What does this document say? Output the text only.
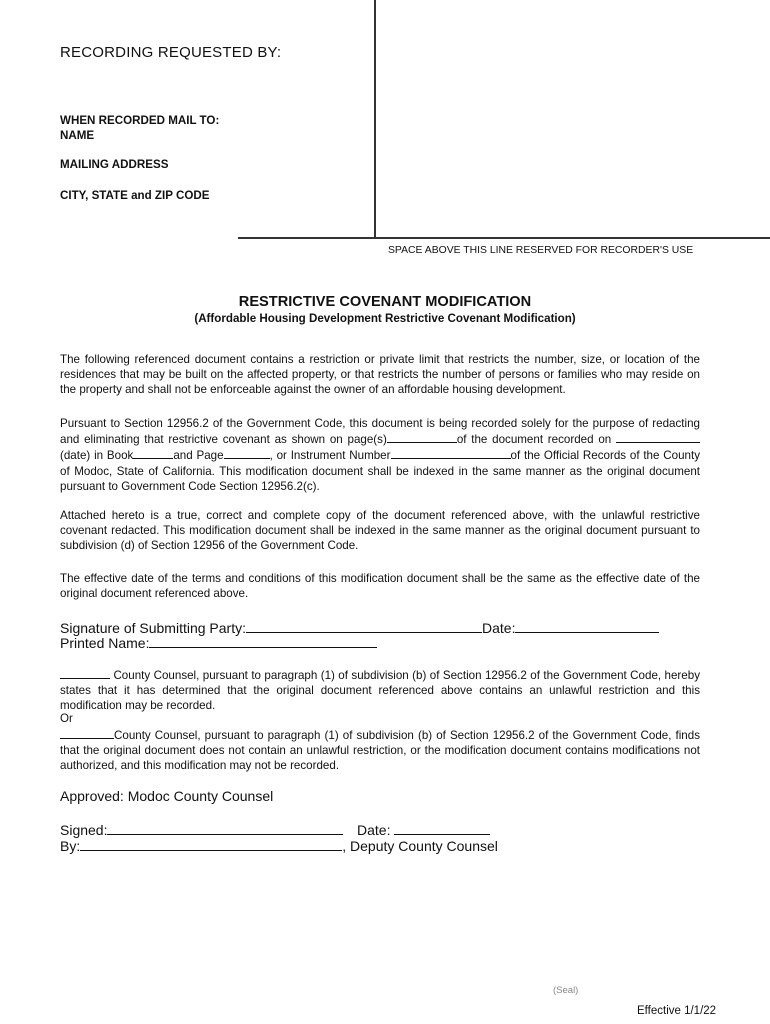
RECORDING REQUESTED BY:
WHEN RECORDED MAIL TO:
NAME
MAILING ADDRESS
CITY, STATE and ZIP CODE
SPACE ABOVE THIS LINE RESERVED FOR RECORDER'S USE
RESTRICTIVE COVENANT MODIFICATION
(Affordable Housing Development Restrictive Covenant Modification)

The following referenced document contains a restriction or private limit that restricts the number, size, or location of the residences that may be built on the affected property, or that restricts the number of persons or families who may reside on the property and shall not be enforceable against the owner of an affordable housing development.

Pursuant to Section 12956.2 of the Government Code, this document is being recorded solely for the purpose of redacting and eliminating that restrictive covenant as shown on page(s)	of the document recorded on (date) in Book	and Page	, or Instrument Number	of the Official Records of the County of Modoc, State of California. This modification document shall be indexed in the same manner as the original document pursuant to Government Code Section 12956.2(c).

Attached hereto is a true, correct and complete copy of the document referenced above, with the unlawful restrictive covenant redacted. This modification document shall be indexed in the same manner as the original document pursuant to subdivision (d) of Section 12956 of the Government Code.

The effective date of the terms and conditions of this modification document shall be the same as the effective date of the original document referenced above.

Signature of Submitting Party:	Date:
Printed Name:

County Counsel, pursuant to paragraph (1) of subdivision (b) of Section 12956.2 of the Government Code, hereby states that it has determined that the original document referenced above contains an unlawful restriction and this modification may be recorded.

Or

County Counsel, pursuant to paragraph (1) of subdivision (b) of Section 12956.2 of the Government Code, finds that the original document does not contain an unlawful restriction, or the modification document contains modifications not authorized, and this modification may not be recorded.

Approved: Modoc County Counsel
Signed:	Date:
By:	, Deputy County Counsel
(Seal)
Effective 1/1/22
